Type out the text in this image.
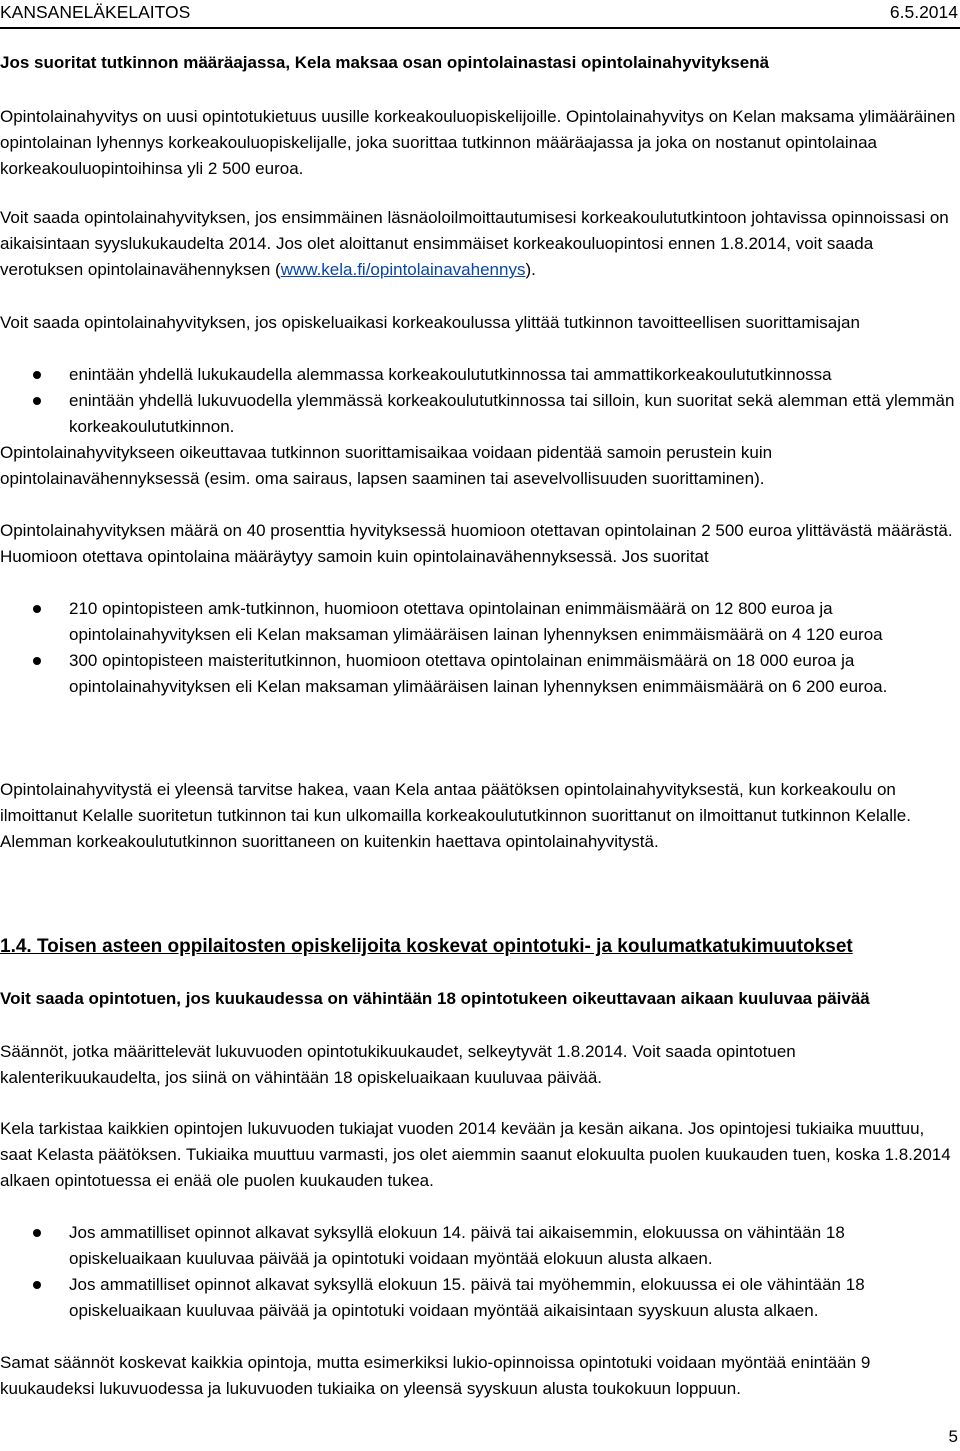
KANSANELÄKELAITOS	6.5.2014

Jos suoritat tutkinnon määräajassa, Kela maksaa osan opintolainastasi opintolainahyvityksenä

Opintolainahyvitys on uusi opintotukietuus uusille korkeakouluopiskelijoille. Opintolainahyvitys on Kelan maksama ylimääräinen opintolainan lyhennys korkeakouluopiskelijalle, joka suorittaa tutkinnon määräajassa ja joka on nostanut opintolainaa korkeakouluopintoihinsa yli 2 500 euroa.

Voit saada opintolainahyvityksen, jos ensimmäinen läsnäoloilmoittautumisesi korkeakoulututkintoon johtavissa opinnoissasi on aikaisintaan syyslukukaudelta 2014. Jos olet aloittanut ensimmäiset korkeakouluopintosi ennen 1.8.2014, voit saada verotuksen opintolainavähennyksen (www.kela.fi/opintolainavahennys).

Voit saada opintolainahyvityksen, jos opiskeluaikasi korkeakoulussa ylittää tutkinnon tavoitteellisen suorittamisajan

enintään yhdellä lukukaudella alemmassa korkeakoulututkinnossa tai ammattikorkeakoulututkinnossa
enintään yhdellä lukuvuodella ylemmässä korkeakoulututkinnossa tai silloin, kun suoritat sekä alemman että ylemmän korkeakoulututkinnon.

Opintolainahyvitykseen oikeuttavaa tutkinnon suorittamisaikaa voidaan pidentää samoin perustein kuin opintolainavähennyksessä (esim. oma sairaus, lapsen saaminen tai asevelvollisuuden suorittaminen).

Opintolainahyvityksen määrä on 40 prosenttia hyvityksessä huomioon otettavan opintolainan 2 500 euroa ylittävästä määrästä. Huomioon otettava opintolaina määräytyy samoin kuin opintolainavähennyksessä. Jos suoritat

210 opintopisteen amk-tutkinnon, huomioon otettava opintolainan enimmäismäärä on 12 800 euroa ja opintolainahyvityksen eli Kelan maksaman ylimääräisen lainan lyhennyksen enimmäismäärä on 4 120 euroa
300 opintopisteen maisteritutkinnon, huomioon otettava opintolainan enimmäismäärä on 18 000 euroa ja opintolainahyvityksen eli Kelan maksaman ylimääräisen lainan lyhennyksen enimmäismäärä on 6 200 euroa.

Opintolainahyvitystä ei yleensä tarvitse hakea, vaan Kela antaa päätöksen opintolainahyvityksestä, kun korkeakoulu on ilmoittanut Kelalle suoritetun tutkinnon tai kun ulkomailla korkeakoulututkinnon suorittanut on ilmoittanut tutkinnon Kelalle. Alemman korkeakoulututkinnon suorittaneen on kuitenkin haettava opintolainahyvitystä.

1.4. Toisen asteen oppilaitosten opiskelijoita koskevat opintotuki- ja koulumatkatukimuutokset

Voit saada opintotuen, jos kuukaudessa on vähintään 18 opintotukeen oikeuttavaan aikaan kuuluvaa päivää

Säännöt, jotka määrittelevät lukuvuoden opintotukikuukaudet, selkeytyvät 1.8.2014. Voit saada opintotuen kalenterikuukaudelta, jos siinä on vähintään 18 opiskeluaikaan kuuluvaa päivää.

Kela tarkistaa kaikkien opintojen lukuvuoden tukiajat vuoden 2014 kevään ja kesän aikana. Jos opintojesi tukiaika muuttuu, saat Kelasta päätöksen. Tukiaika muuttuu varmasti, jos olet aiemmin saanut elokuulta puolen kuukauden tuen, koska 1.8.2014 alkaen opintotuessa ei enää ole puolen kuukauden tukea.

Jos ammatilliset opinnot alkavat syksyllä elokuun 14. päivä tai aikaisemmin, elokuussa on vähintään 18 opiskeluaikaan kuuluvaa päivää ja opintotuki voidaan myöntää elokuun alusta alkaen.
Jos ammatilliset opinnot alkavat syksyllä elokuun 15. päivä tai myöhemmin, elokuussa ei ole vähintään 18 opiskeluaikaan kuuluvaa päivää ja opintotuki voidaan myöntää aikaisintaan syyskuun alusta alkaen.

Samat säännöt koskevat kaikkia opintoja, mutta esimerkiksi lukio-opinnoissa opintotuki voidaan myöntää enintään 9 kuukaudeksi lukuvuodessa ja lukuvuoden tukiaika on yleensä syyskuun alusta toukokuun loppuun.

5
